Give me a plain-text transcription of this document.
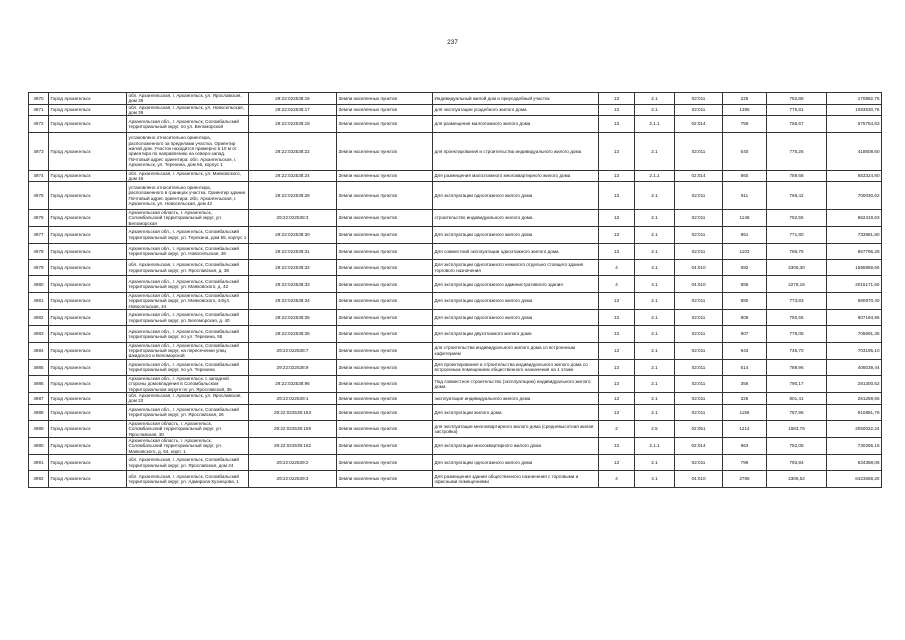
237
4970	Город Архангельск	обл. Архангельская, г. Архангельск, ул. Ярославская, дом 35	29:22:022538:16	Земли населенных пунктов	Индивидуальный жилой дом и приусадебный участок	13	2.1	02:011	225	752,89	170882,75
4971	Город Архангельск	обл. Архангельская, г. Архангельск, ул. Новосельская, дом 39	29:22:022538:17	Земли населенных пунктов	для эксплуатации усадебного жилого дома	13	2.1	02:011	1395	775,81	1083530,76
4972	Город Архангельск	Архангельская обл., г. Архангельск, Соломбальский территориальный округ, по ул. Беломорской	29:22:022538:18	Земли населенных пунктов	для размещения малоэтажного жилого дома	13	2.1.1	02:014	759	758,67	575754,63
4973	Город Архангельск	установлено относительно ориентира, расположенного за пределами участка. Ориентир жилой дом. Участок находится примерно в 10 м от ориентира по направлению на северо-запад. Почтовый адрес ориентира: обл. Архангельская, г. Архангельск, ул. Терехина, дом 56, корпус 1	29:22:022538:22	Земли населенных пунктов	для проектирования и строительства индивидуального жилого дома	13	2.1	02:011	540	775,26	418608,60
4974	Город Архангельск	обл. Архангельская, г. Архангельск, ул. Маяковского, дом 46	29:22:022538:24	Земли населенных пунктов	Для размещения малоэтажного многоквартирного жилого дома	13	2.1.1	02:014	860	759,68	653324,80
4975	Город Архангельск	установлено относительно ориентира, расположенного в границах участка. Ориентир здание. Почтовый адрес ориентира: обл. Архангельская, г. Архангельск, ул. Новосельская, дом 42	29:22:022538:28	Земли населенных пунктов	Для эксплуатации одноэтажного жилого дома	13	2.1	02:011	911	768,42	700030,62
4976	Город Архангельск	Архангельская область, г. Архангельск, Соломбальский территориальный округ, ул. Беломорская	29:22:022538:3	Земли населенных пунктов	строительство индивидуального жилого дома	13	2.1	02:011	1146	752,55	862419,63
4977	Город Архангельск	Архангельская обл., г. Архангельск, Соломбальский территориальный округ, ул. Терехина, дом 55, корпус 1	29:22:022538:30	Земли населенных пунктов	Для эксплуатации одноэтажного жилого дома	13	2.1	02:011	951	771,80	733981,80
4978	Город Архангельск	Архангельская обл., г. Архангельск, Соломбальский территориальный округ, ул. Новосельская, 36	29:22:022538:31	Земли населенных пунктов	Для совместной эксплуатации одноэтажного жилого дома	13	2.1	02:011	1103	786,76	867796,28
4979	Город Архангельск	обл. Архангельская, г. Архангельск, Соломбальский территориальный округ, ул. Ярославская, д. 38	29:22:022538:32	Земли населенных пунктов	Для эксплуатации одноэтажного нежилого отдельно стоящего здания торгового назначения	4	4.1	04:010	692	2306,30	1595959,60
4980	Город Архангельск	Архангельская обл., г. Архангельск, Соломбальский территориальный округ, ул. Маяковского, д. 42	29:22:022538:33	Земли населенных пунктов	Для эксплуатации одноэтажного административного здания	4	4.1	04:010	885	2278,16	2016171,60
4981	Город Архангельск	Архангельская обл., г. Архангельск, Соломбальский территориальный округ, ул. Маяковского, 44/ул. Новосельская, 44	29:22:022538:34	Земли населенных пунктов	Для эксплуатации одноэтажного жилого дома	13	2.1	02:011	880	773,83	680970,40
4982	Город Архангельск	Архангельская обл., г. Архангельск, Соломбальский территориальный округ, ул. Беломорская, д. 40	29:22:022538:35	Земли населенных пунктов	Для эксплуатации одноэтажного жилого дома	13	2.1	02:011	809	750,55	607194,95
4983	Город Архангельск	Архангельская обл., г. Архангельск, Соломбальский территориальный округ, по ул. Терехина, 55	29:22:022538:36	Земли населенных пунктов	Для эксплуатации двухэтажного жилого дома	13	2.1	02:011	907	778,05	705691,35
4984	Город Архангельск	Архангельская обл., г. Архангельск, Соломбальский территориальный округ, на пересечении улиц Шкидского и Беломорской	29:22:022538:7	Земли населенных пунктов	для строительства индивидуального жилого дома со встроенным кафетерием	13	2.1	02:011	943	745,70	703195,10
4985	Город Архангельск	Архангельская обл., г. Архангельск, Соломбальский территориальный округ, по ул. Терехина	29:22:022538:9	Земли населенных пунктов	Для проектирования и строительства индивидуального жилого дома со встроенным помещением общественного назначения на 1 этаже	13	2.1	02:011	514	789,96	406039,44
4986	Город Архангельск	Архангельская обл., г. Архангельск, с западной стороны домовладения в Соломбальском территориальном округе по ул. Ярославской, 35	29:22:022538:96	Земли населенных пунктов	Под совместное строительство (эксплуатацию) индивидуального жилого дома	13	2.1	02:011	356	790,17	281300,52
4987	Город Архангельск	обл. Архангельская, г. Архангельск, ул. Ярославская, дом 22	29:22:022539:1	Земли населенных пунктов	эксплуатация индивидуального жилого дома	13	2.1	02:011	326	801,41	261259,66
4988	Город Архангельск	Архангельская обл., г. Архангельск, Соломбальский территориальный округ, ул. Ярославская, 26	29:22:022539:153	Земли населенных пунктов	Для эксплуатации жилого дома	13	2.1	02:011	1156	787,96	910881,76
4989	Город Архангельск	Архангельская область, г. Архангельск, Соломбальский территориальный округ, ул. Ярославская, 30	29:22:022539:159	Земли населенных пунктов	для эксплуатации многоквартирного жилого дома (средневысотная жилая застройка)	2	2.5	02:051	1214	1683,76	2050022,24
4990	Город Архангельск	Архангельская область, г. Архангельск, Соломбальский территориальный округ, ул. Маяковского, д. 54, корп. 1	29:22:022539:162	Земли населенных пунктов	Для эксплуатации многоквартирного жилого дома	13	2.1.1	02:014	963	752,05	730265,15
4991	Город Архангельск	обл. Архангельская, г. Архангельск, Соломбальский территориальный округ, ул. Ярославская, дом 24	29:22:022539:2	Земли населенных пунктов	Для эксплуатации одноэтажного жилого дома	13	2.1	02:011	799	793,84	634388,06
4992	Город Архангельск	обл. Архангельская, г. Архангельск, Соломбальский территориальный округ, ул. Адмирала Кузнецова, 1	29:22:022539:3	Земли населенных пунктов	Для размещения здания общественного назначения с торговыми и офисными помещениями	4	4.1	04:010	2785	2306,52	6423658,20
